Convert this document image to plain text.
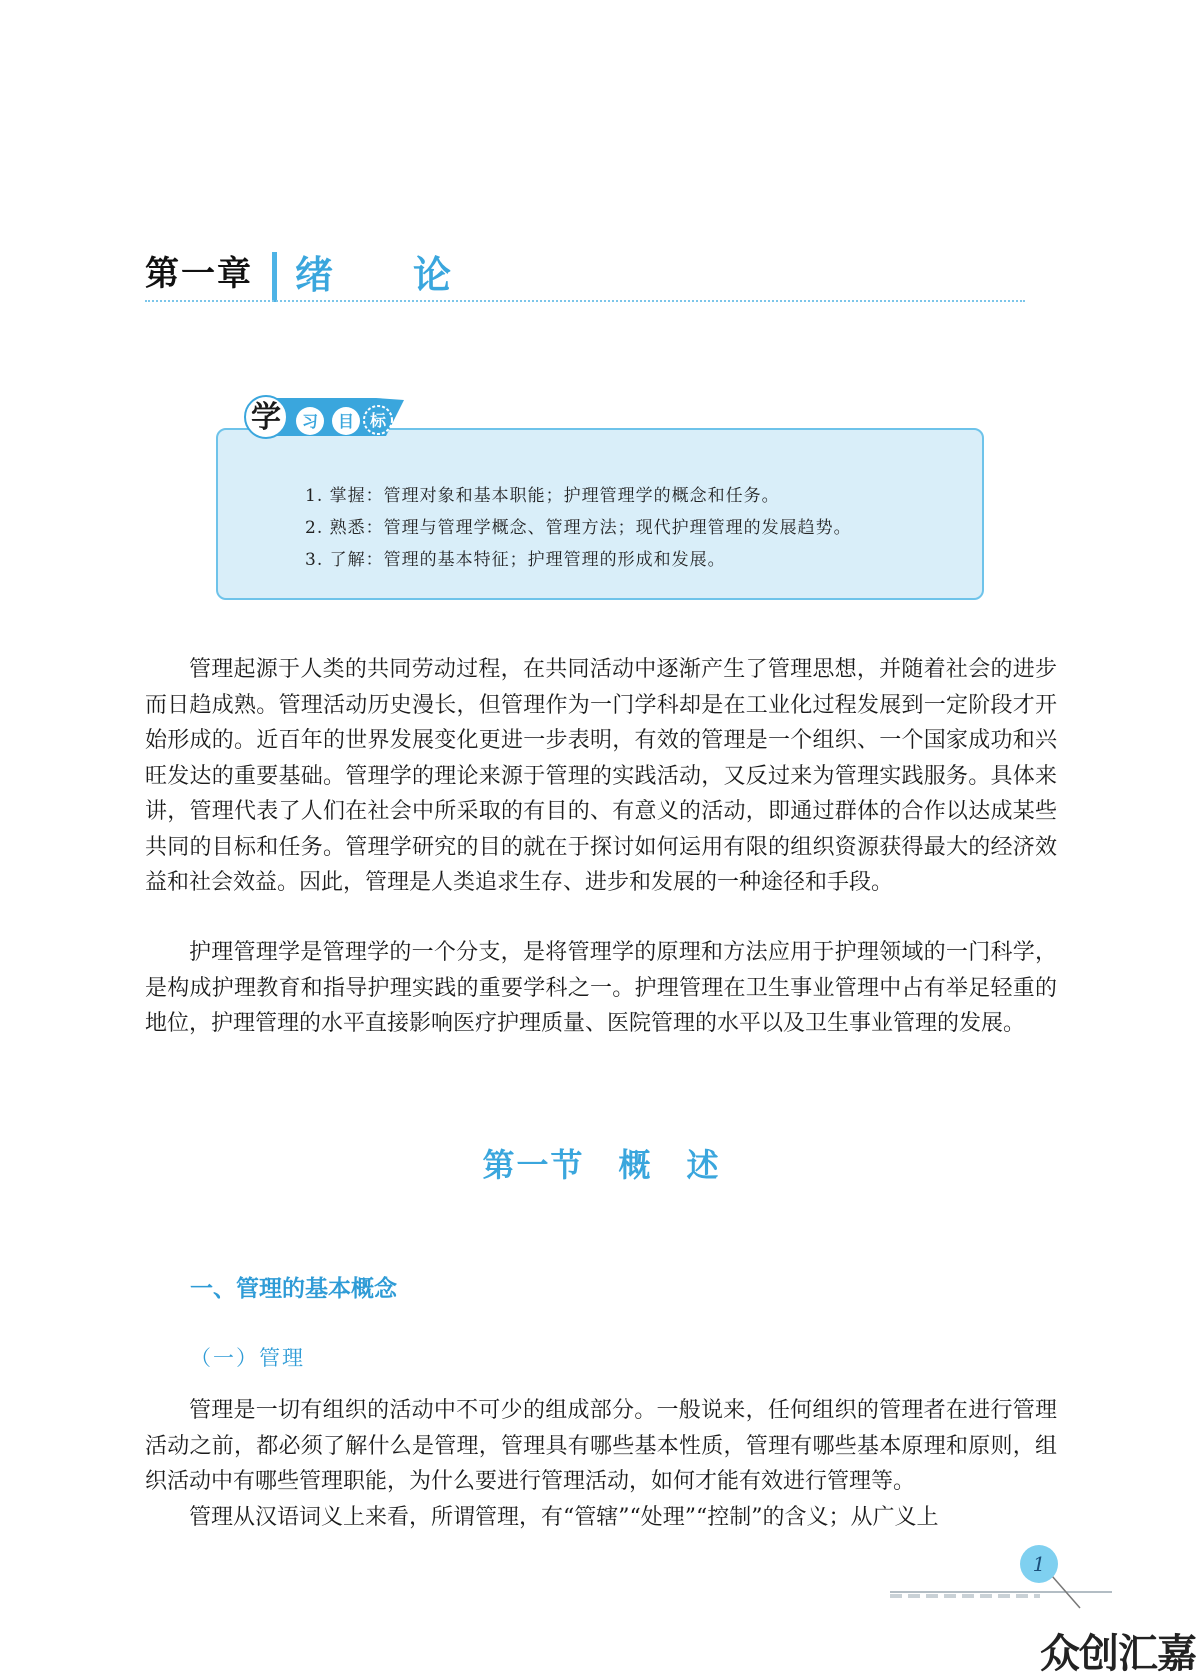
第一章 绪论
学 习 目 标
1. 掌握：管理对象和基本职能；护理管理学的概念和任务。
2. 熟悉：管理与管理学概念、管理方法；现代护理管理的发展趋势。
3. 了解：管理的基本特征；护理管理的形成和发展。
管理起源于人类的共同劳动过程，在共同活动中逐渐产生了管理思想，并随着社会的进步而日趋成熟。管理活动历史漫长，但管理作为一门学科却是在工业化过程发展到一定阶段才开始形成的。近百年的世界发展变化更进一步表明，有效的管理是一个组织、一个国家成功和兴旺发达的重要基础。管理学的理论来源于管理的实践活动，又反过来为管理实践服务。具体来讲，管理代表了人们在社会中所采取的有目的、有意义的活动，即通过群体的合作以达成某些共同的目标和任务。管理学研究的目的就在于探讨如何运用有限的组织资源获得最大的经济效益和社会效益。因此，管理是人类追求生存、进步和发展的一种途径和手段。
护理管理学是管理学的一个分支，是将管理学的原理和方法应用于护理领域的一门科学，是构成护理教育和指导护理实践的重要学科之一。护理管理在卫生事业管理中占有举足轻重的地位，护理管理的水平直接影响医疗护理质量、医院管理的水平以及卫生事业管理的发展。
第一节　概　述
一、管理的基本概念
（一）管理
管理是一切有组织的活动中不可少的组成部分。一般说来，任何组织的管理者在进行管理活动之前，都必须了解什么是管理，管理具有哪些基本性质，管理有哪些基本原理和原则，组织活动中有哪些管理职能，为什么要进行管理活动，如何才能有效进行管理等。
管理从汉语词义上来看，所谓管理，有“管辖”“处理”“控制”的含义；从广义上
1
众创汇嘉
